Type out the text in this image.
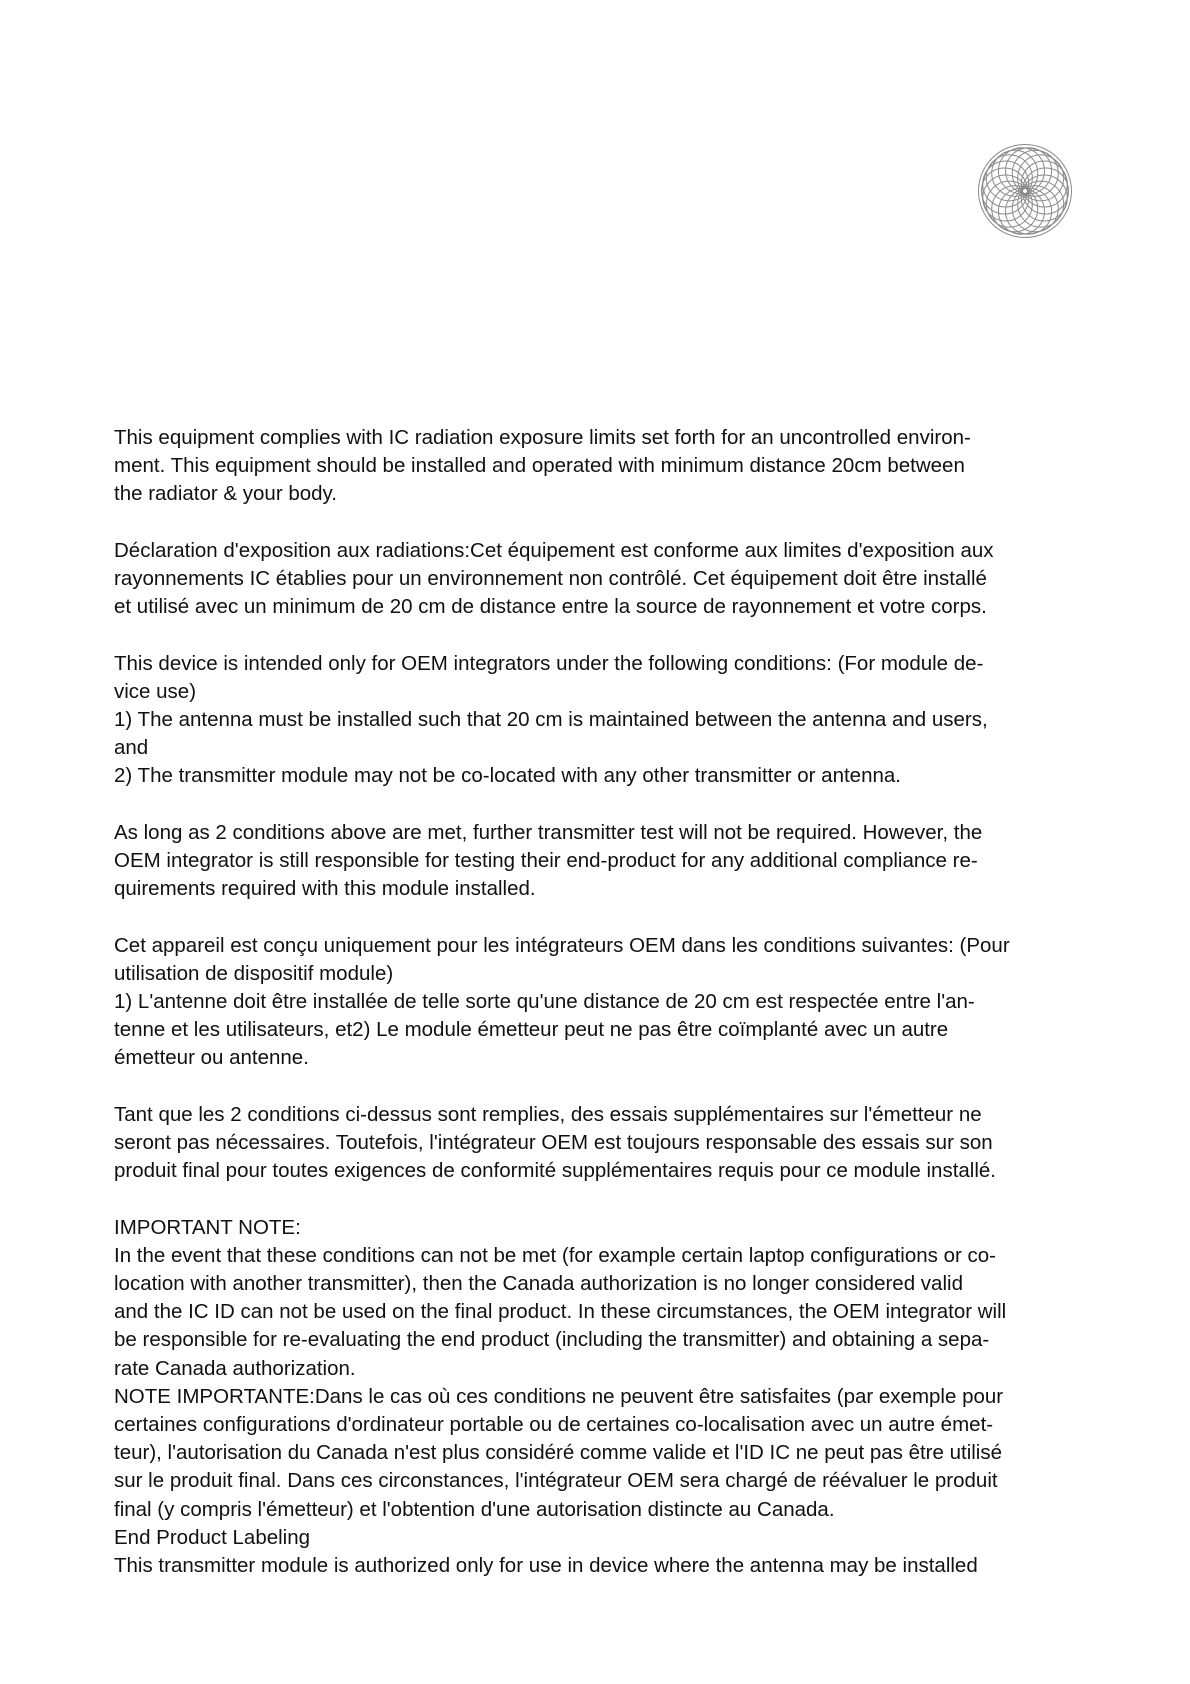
This equipment complies with IC radiation exposure limits set forth for an uncontrolled environ-
ment. This equipment should be installed and operated with minimum distance 20cm between
the radiator & your body.

Déclaration d'exposition aux radiations:Cet équipement est conforme aux limites d'exposition aux
rayonnements IC établies pour un environnement non contrôlé. Cet équipement doit être installé
et utilisé avec un minimum de 20 cm de distance entre la source de rayonnement et votre corps.

This device is intended only for OEM integrators under the following conditions: (For module de-
vice use)
1) The antenna must be installed such that 20 cm is maintained between the antenna and users,
and
2) The transmitter module may not be co-located with any other transmitter or antenna.

As long as 2 conditions above are met, further transmitter test will not be required. However, the
OEM integrator is still responsible for testing their end-product for any additional compliance re-
quirements required with this module installed.

Cet appareil est conçu uniquement pour les intégrateurs OEM dans les conditions suivantes: (Pour
utilisation de dispositif module)
1) L'antenne doit être installée de telle sorte qu'une distance de 20 cm est respectée entre l'an-
tenne et les utilisateurs, et2) Le module émetteur peut ne pas être coïmplanté avec un autre
émetteur ou antenne.

Tant que les 2 conditions ci-dessus sont remplies, des essais supplémentaires sur l'émetteur ne
seront pas nécessaires. Toutefois, l'intégrateur OEM est toujours responsable des essais sur son
produit final pour toutes exigences de conformité supplémentaires requis pour ce module installé.

IMPORTANT NOTE:
In the event that these conditions can not be met (for example certain laptop configurations or co-
location with another transmitter), then the Canada authorization is no longer considered valid
and the IC ID can not be used on the final product. In these circumstances, the OEM integrator will
be responsible for re-evaluating the end product (including the transmitter) and obtaining a sepa-
rate Canada authorization.
NOTE IMPORTANTE:Dans le cas où ces conditions ne peuvent être satisfaites (par exemple pour
certaines configurations d'ordinateur portable ou de certaines co-localisation avec un autre émet-
teur), l'autorisation du Canada n'est plus considéré comme valide et l'ID IC ne peut pas être utilisé
sur le produit final. Dans ces circonstances, l'intégrateur OEM sera chargé de réévaluer le produit
final (y compris l'émetteur) et l'obtention d'une autorisation distincte au Canada.
End Product Labeling
This transmitter module is authorized only for use in device where the antenna may be installed
